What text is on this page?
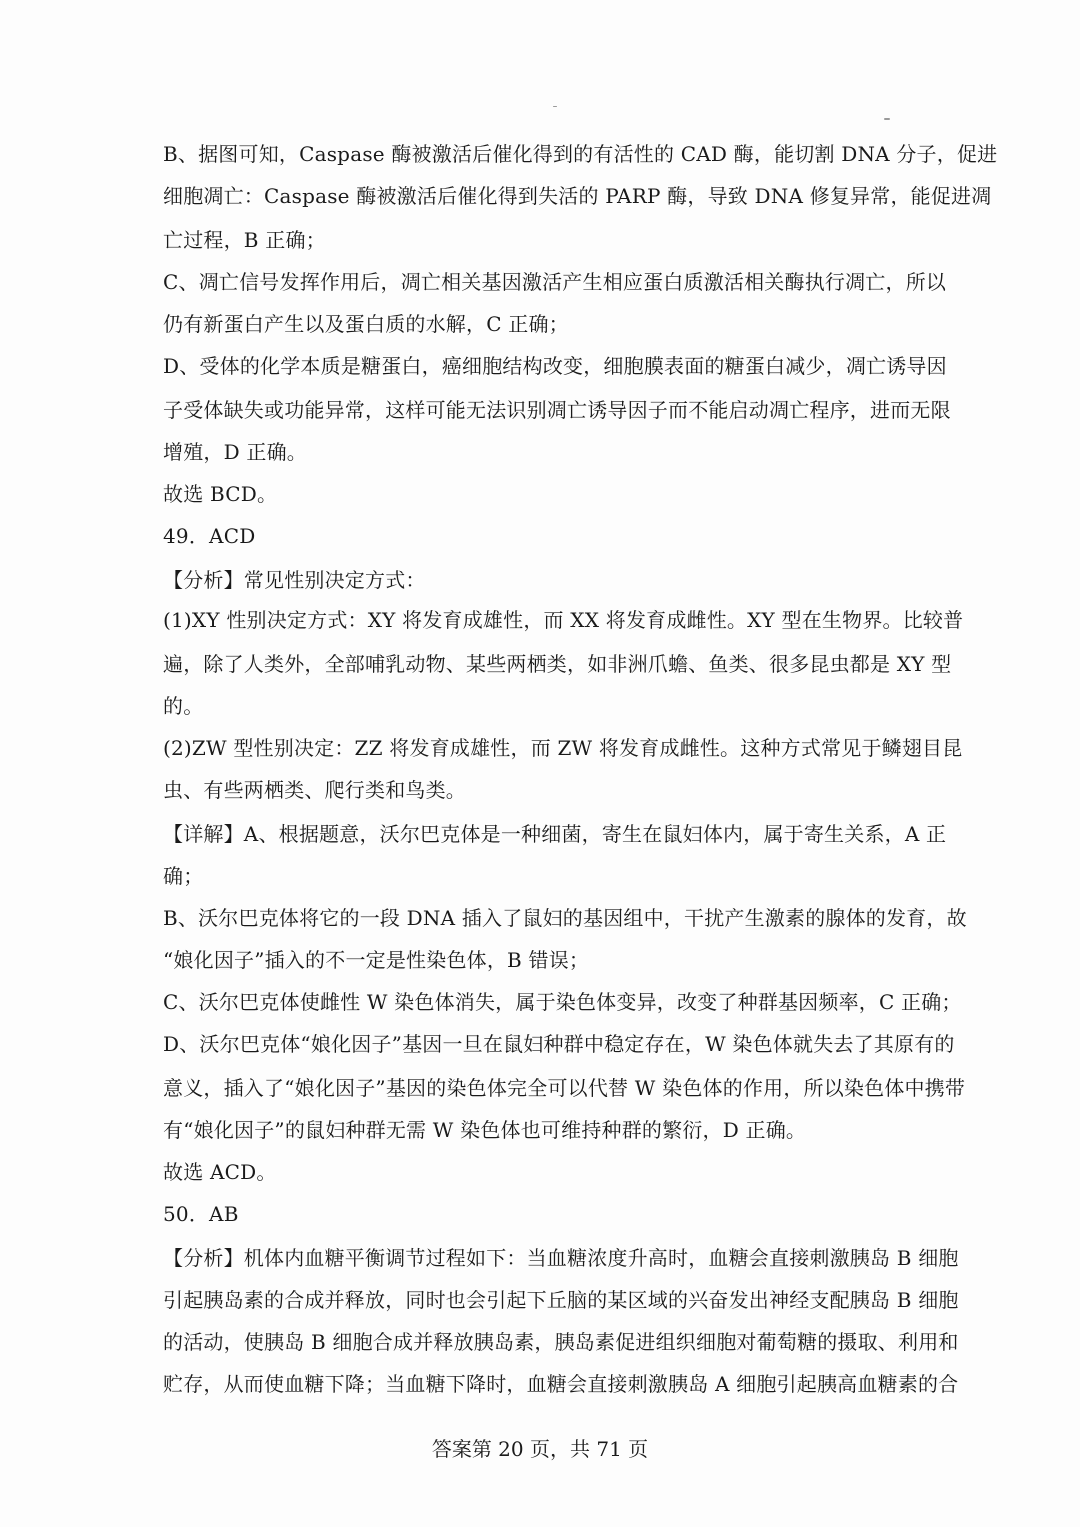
B、据图可知，Caspase 酶被激活后催化得到的有活性的 CAD 酶，能切割 DNA 分子，促进
细胞凋亡：Caspase 酶被激活后催化得到失活的 PARP 酶，导致 DNA 修复异常，能促进凋
亡过程，B 正确；
C、凋亡信号发挥作用后，凋亡相关基因激活产生相应蛋白质激活相关酶执行凋亡，所以
仍有新蛋白产生以及蛋白质的水解，C 正确；
D、受体的化学本质是糖蛋白，癌细胞结构改变，细胞膜表面的糖蛋白减少，凋亡诱导因
子受体缺失或功能异常，这样可能无法识别凋亡诱导因子而不能启动凋亡程序，进而无限
增殖，D 正确。
故选 BCD。
49．ACD
【分析】常见性别决定方式：
(1)XY 性别决定方式：XY 将发育成雄性，而 XX 将发育成雌性。XY 型在生物界。比较普
遍，除了人类外，全部哺乳动物、某些两栖类，如非洲爪蟾、鱼类、很多昆虫都是 XY 型
的。
(2)ZW 型性别决定：ZZ 将发育成雄性，而 ZW 将发育成雌性。这种方式常见于鳞翅目昆
虫、有些两栖类、爬行类和鸟类。
【详解】A、根据题意，沃尔巴克体是一种细菌，寄生在鼠妇体内，属于寄生关系，A 正
确；
B、沃尔巴克体将它的一段 DNA 插入了鼠妇的基因组中，干扰产生激素的腺体的发育，故
“娘化因子”插入的不一定是性染色体，B 错误；
C、沃尔巴克体使雌性 W 染色体消失，属于染色体变异，改变了种群基因频率，C 正确；
D、沃尔巴克体“娘化因子”基因一旦在鼠妇种群中稳定存在，W 染色体就失去了其原有的
意义，插入了“娘化因子”基因的染色体完全可以代替 W 染色体的作用，所以染色体中携带
有“娘化因子”的鼠妇种群无需 W 染色体也可维持种群的繁衍，D 正确。
故选 ACD。
50．AB
【分析】机体内血糖平衡调节过程如下：当血糖浓度升高时，血糖会直接刺激胰岛 B 细胞
引起胰岛素的合成并释放，同时也会引起下丘脑的某区域的兴奋发出神经支配胰岛 B 细胞
的活动，使胰岛 B 细胞合成并释放胰岛素，胰岛素促进组织细胞对葡萄糖的摄取、利用和
贮存，从而使血糖下降；当血糖下降时，血糖会直接刺激胰岛 A 细胞引起胰高血糖素的合
答案第 20 页，共 71 页
